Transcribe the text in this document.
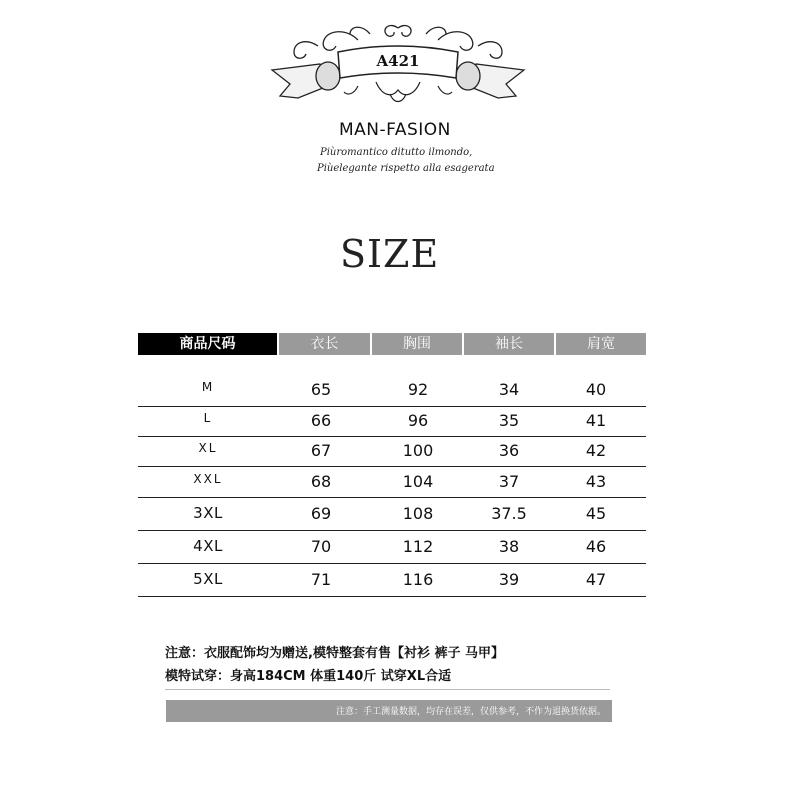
A421
MAN-FASION
Piùromantico ditutto ilmondo,
Piùelegante rispetto alla esagerata
SIZE
商品尺码	衣长	胸围	袖长	肩宽
M	65	92	34	40
L	66	96	35	41
XL	67	100	36	42
XXL	68	104	37	43
3XL	69	108	37.5	45
4XL	70	112	38	46
5XL	71	116	39	47
注意：衣服配饰均为赠送,模特整套有售【衬衫 裤子 马甲】
模特试穿：身高184CM 体重140斤 试穿XL合适
注意：手工测量数据，均存在误差，仅供参考，不作为退换货依据。
